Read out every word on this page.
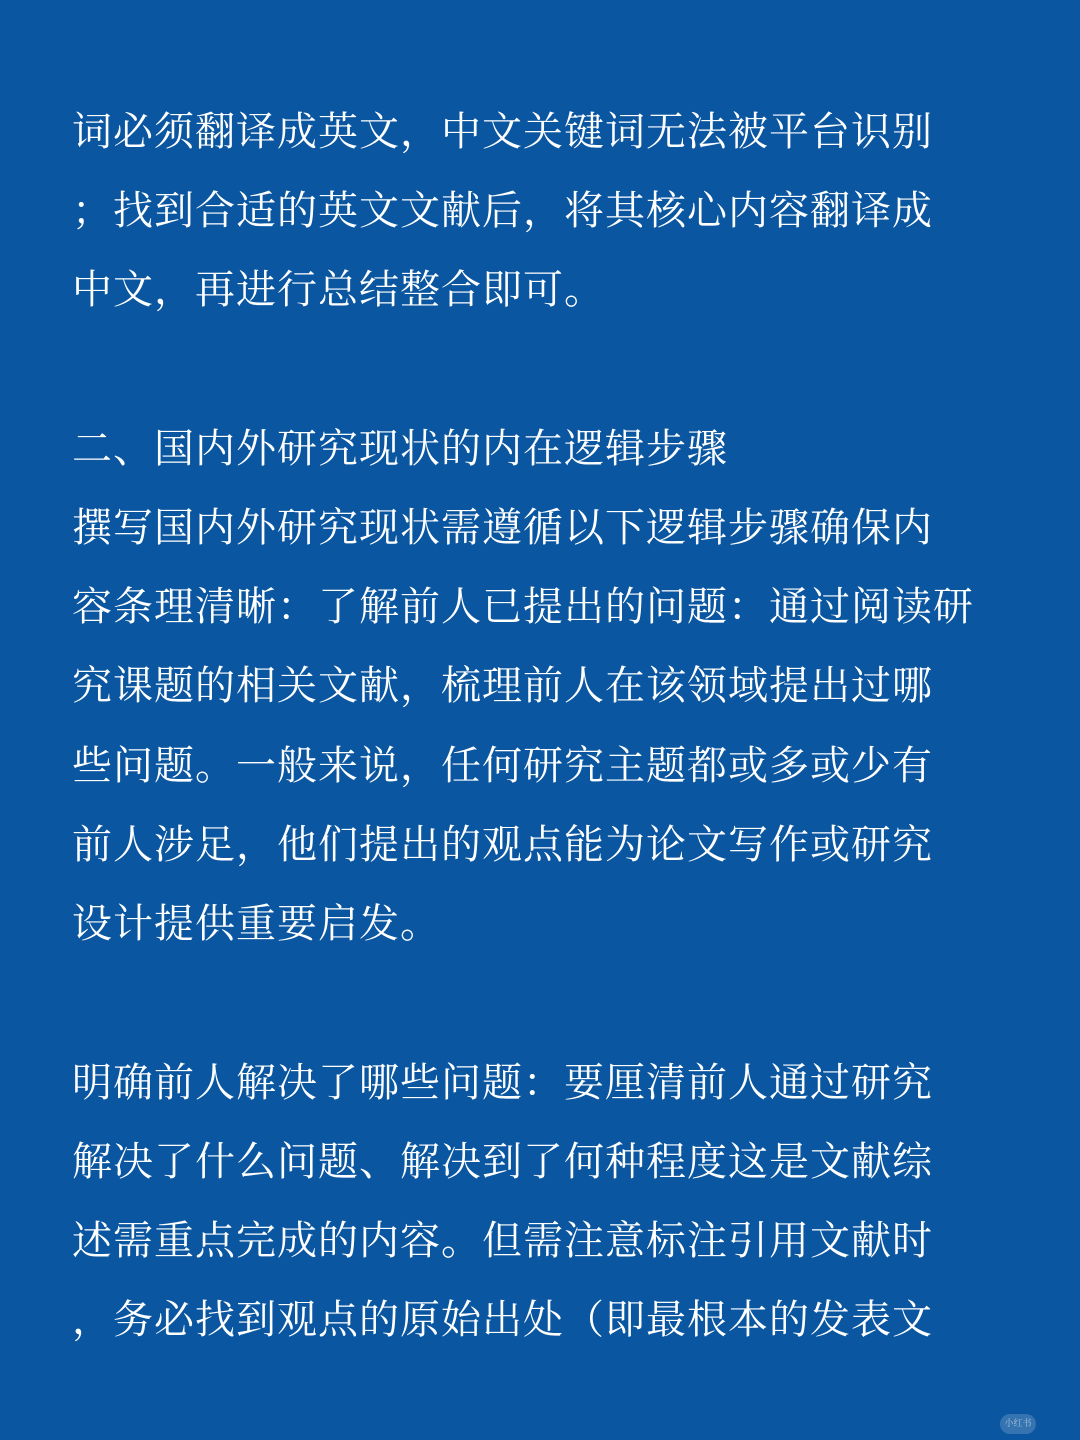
词必须翻译成英文，中文关键词无法被平台识别
；找到合适的英文文献后，将其核心内容翻译成
中文，再进行总结整合即可。
二、国内外研究现状的内在逻辑步骤
撰写国内外研究现状需遵循以下逻辑步骤确保内
容条理清晰：了解前人已提出的问题：通过阅读研
究课题的相关文献，梳理前人在该领域提出过哪
些问题。一般来说，任何研究主题都或多或少有
前人涉足，他们提出的观点能为论文写作或研究
设计提供重要启发。
明确前人解决了哪些问题：要厘清前人通过研究
解决了什么问题、解决到了何种程度这是文献综
述需重点完成的内容。但需注意标注引用文献时
，务必找到观点的原始出处（即最根本的发表文
小红书
